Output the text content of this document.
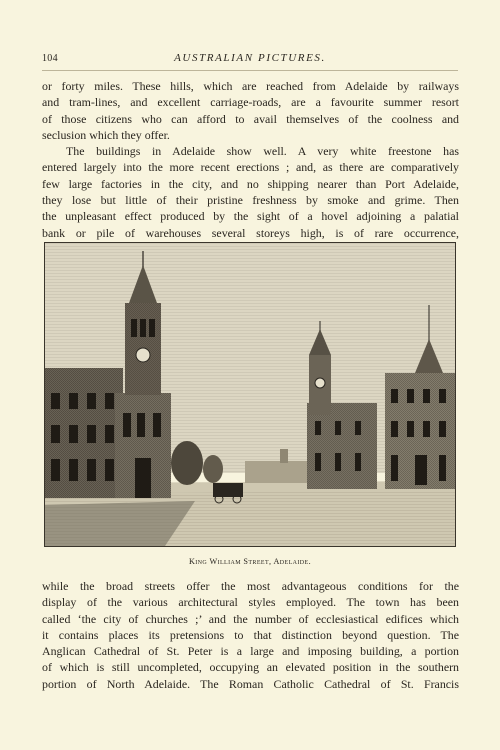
104	AUSTRALIAN PICTURES.

or forty miles. These hills, which are reached from Adelaide by railways
and tram-lines, and excellent carriage-roads, are a favourite summer resort
of those citizens who can afford to avail themselves of the coolness and
seclusion which they offer.
The buildings in Adelaide show well. A very white freestone has
entered largely into the more recent erections ; and, as there are comparatively
few large factories in the city, and no shipping nearer than Port Adelaide,
they lose but little of their pristine freshness by smoke and grime. Then
the unpleasant effect produced by the sight of a hovel adjoining a palatial
bank or pile of warehouses several storeys high, is of rare occurrence,

King William Street, Adelaide.

while the broad streets offer the most advantageous conditions for the
display of the various architectural styles employed. The town has been
called ‘the city of churches ;’ and the number of ecclesiastical edifices which
it contains places its pretensions to that distinction beyond question. The
Anglican Cathedral of St. Peter is a large and imposing building, a portion
of which is still uncompleted, occupying an elevated position in the southern
portion of North Adelaide. The Roman Catholic Cathedral of St. Francis
